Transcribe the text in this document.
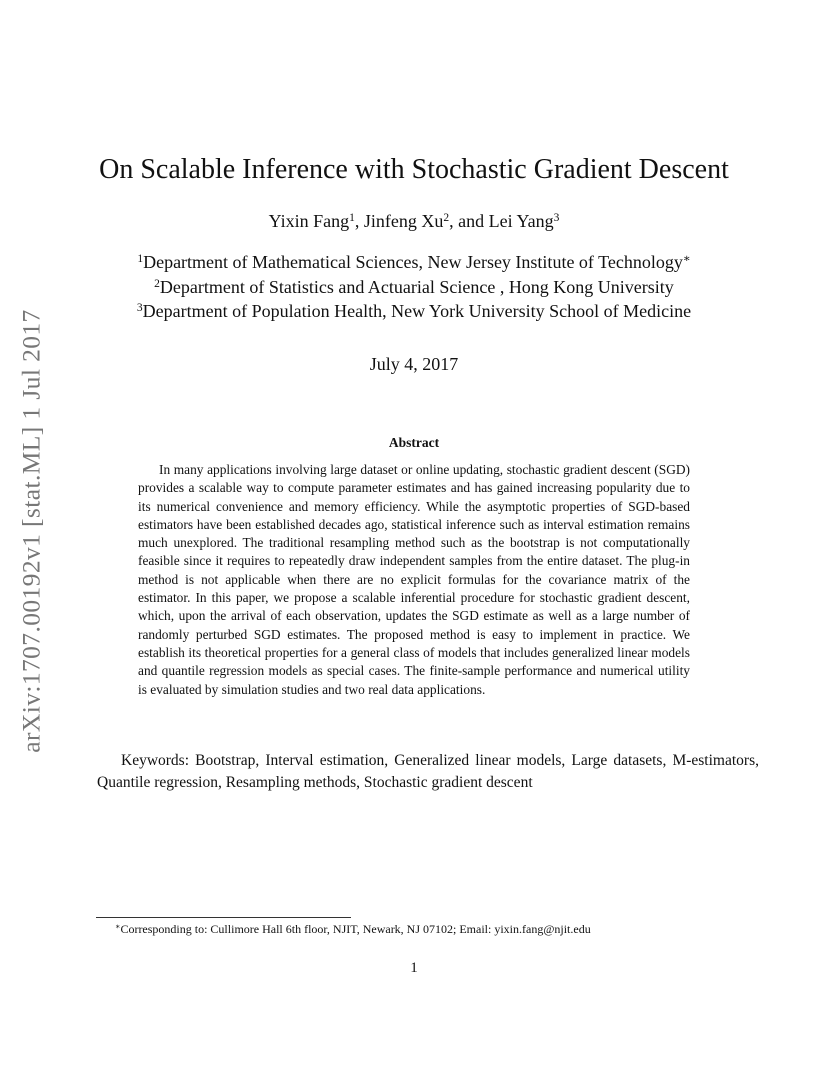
arXiv:1707.00192v1 [stat.ML] 1 Jul 2017
On Scalable Inference with Stochastic Gradient Descent
Yixin Fang$^1$, Jinfeng Xu$^2$, and Lei Yang$^3$
$^1$Department of Mathematical Sciences, New Jersey Institute of Technology∗
$^2$Department of Statistics and Actuarial Science , Hong Kong University
$^3$Department of Population Health, New York University School of Medicine
July 4, 2017
Abstract

In many applications involving large dataset or online updating, stochastic gradient descent (SGD) provides a scalable way to compute parameter estimates and has gained increasing popularity due to its numerical convenience and memory efficiency. While the asymptotic properties of SGD-based estimators have been established decades ago, statistical inference such as interval estimation remains much unexplored. The traditional resampling method such as the bootstrap is not computationally feasible since it requires to repeatedly draw independent samples from the entire dataset. The plug-in method is not applicable when there are no explicit formulas for the covariance matrix of the estimator. In this paper, we propose a scalable inferential procedure for stochastic gradient descent, which, upon the arrival of each observation, updates the SGD estimate as well as a large number of randomly perturbed SGD estimates. The proposed method is easy to implement in practice. We establish its theoretical properties for a general class of models that includes generalized linear models and quantile regression models as special cases. The finite-sample performance and numerical utility is evaluated by simulation studies and two real data applications.

Keywords: Bootstrap, Interval estimation, Generalized linear models, Large datasets, M-estimators, Quantile regression, Resampling methods, Stochastic gradient descent

∗Corresponding to: Cullimore Hall 6th floor, NJIT, Newark, NJ 07102; Email: yixin.fang@njit.edu
1
